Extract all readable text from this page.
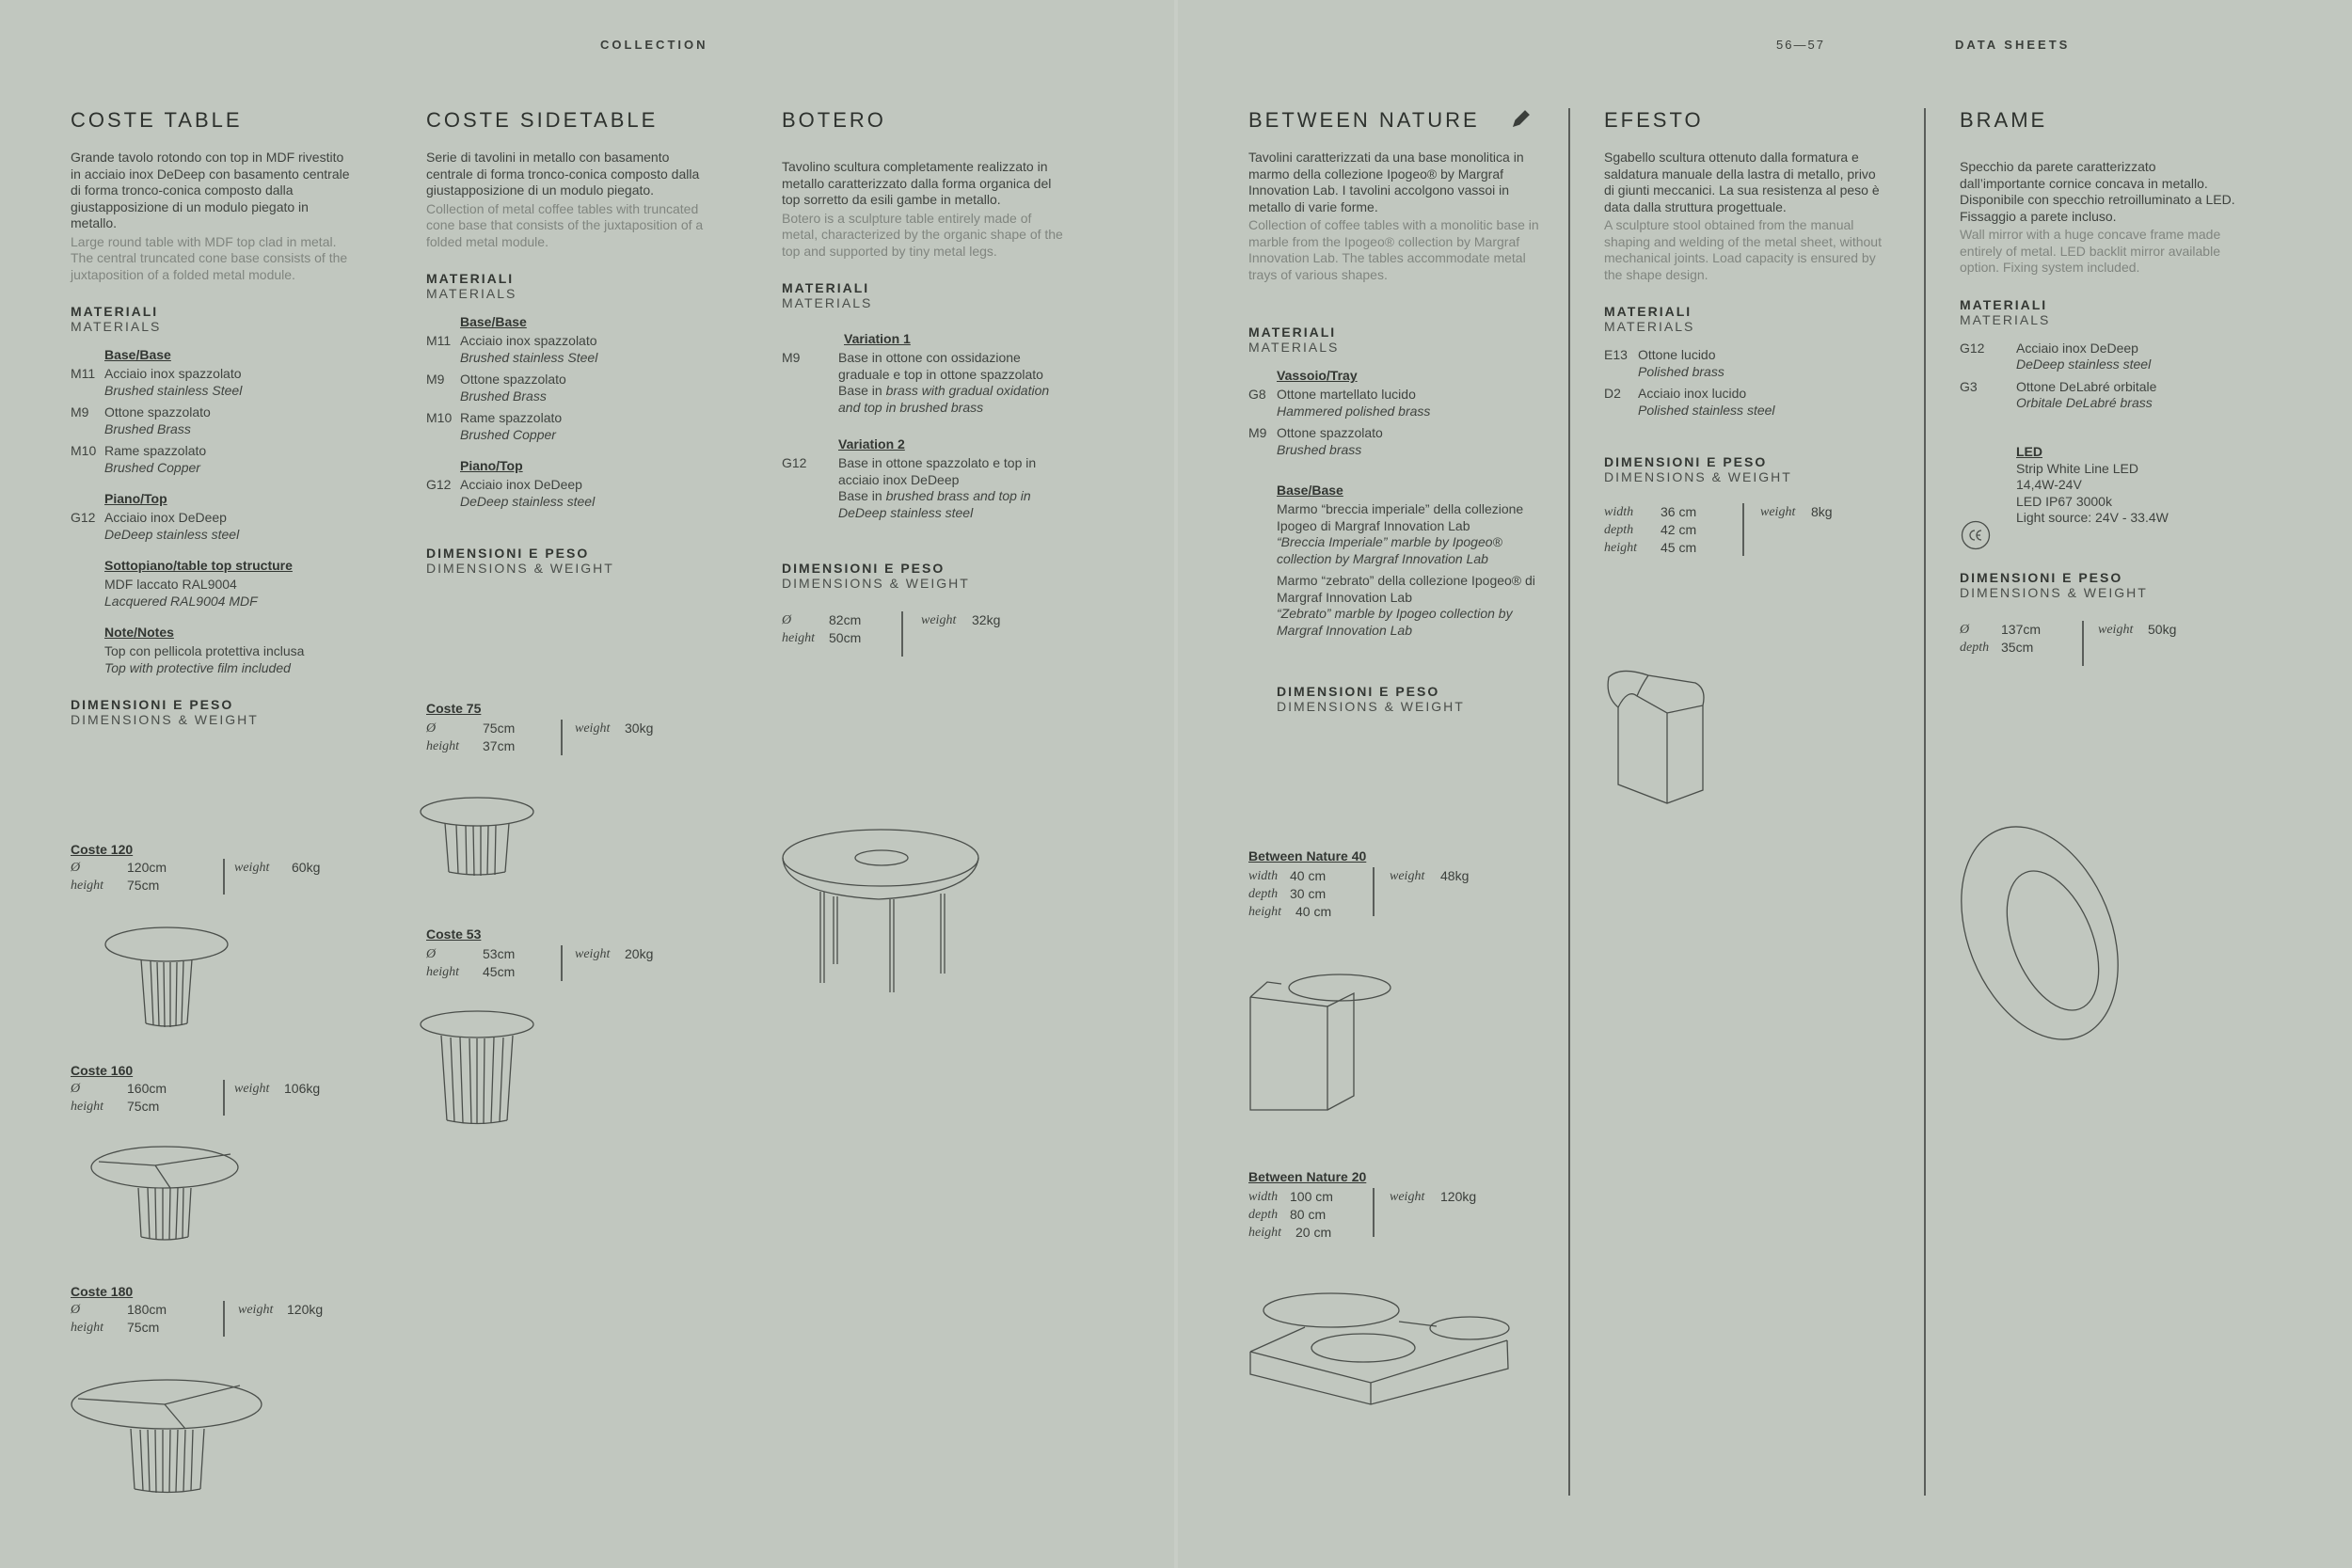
COLLECTION
COSTE TABLE

Grande tavolo rotondo con top in MDF rivestito in acciaio inox DeDeep con basamento centrale di forma tronco-conica composto dalla giustapposizione di un modulo piegato in metallo.

Large round table with MDF top clad in metal. The central truncated cone base consists of the juxtaposition of a folded metal module.

MATERIALI
MATERIALS
Base/Base
M11 Acciaio inox spazzolato
Brushed stainless Steel
M9 Ottone spazzolato
Brushed Brass
M10 Rame spazzolato
Brushed Copper
Piano/Top
G12 Acciaio inox DeDeep
DeDeep stainless steel
Sottopiano/table top structure
MDF laccato RAL9004
Lacquered RAL9004 MDF
Note/Notes
Top con pellicola protettiva inclusa
Top with protective film included
DIMENSIONI E PESO
DIMENSIONS & WEIGHT
Coste 120
Ø	120cm
height 75cm
weight 60kg
Coste 160
Ø	160cm
height 75cm
weight 106kg
Coste 180
Ø	180cm
height 75cm
weight 120kg
COSTE SIDETABLE

Serie di tavolini in metallo con basamento centrale di forma tronco-conica composto dalla giustapposizione di un modulo piegato.

Collection of metal coffee tables with truncated cone base that consists of the juxtaposition of a folded metal module.

MATERIALI
MATERIALS
Base/Base
M11 Acciaio inox spazzolato
Brushed stainless Steel
M9 Ottone spazzolato
Brushed Brass
M10 Rame spazzolato
Brushed Copper
Piano/Top
G12 Acciaio inox DeDeep
DeDeep stainless steel
DIMENSIONI E PESO
DIMENSIONS & WEIGHT
Coste 75
Ø	75cm
height 37cm
weight 30kg
Coste 53
Ø	53cm
height 45cm
weight 20kg
BOTERO

Tavolino scultura completamente realizzato in metallo caratterizzato dalla forma organica del top sorretto da esili gambe in metallo.

Botero is a sculpture table entirely made of metal, characterized by the organic shape of the top and supported by tiny metal legs.

MATERIALI
MATERIALS
Variation 1
M9	Base in ottone con ossidazione graduale e top in ottone spazzolato
Base in brass with gradual oxidation and top in brushed brass
Variation 2
G12 Base in ottone spazzolato e top in acciaio inox DeDeep
Base in brushed brass and top in DeDeep stainless steel
DIMENSIONI E PESO
DIMENSIONS & WEIGHT
Ø	82cm
height 50cm
weight 32kg
56—57	DATA SHEETS
BETWEEN NATURE

Tavolini caratterizzati da una base monolitica in marmo della collezione Ipogeo® by Margraf Innovation Lab. I tavolini accolgono vassoi in metallo di varie forme.

Collection of coffee tables with a monolitic base in marble from the Ipogeo® collection by Margraf Innovation Lab. The tables accommodate metal trays of various shapes.

MATERIALI
MATERIALS
Vassoio/Tray
G8 Ottone martellato lucido
Hammered polished brass
M9 Ottone spazzolato
Brushed brass
Base/Base
Marmo “breccia imperiale” della collezione Ipogeo di Margraf Innovation Lab
“Breccia Imperiale” marble by Ipogeo® collection by Margraf Innovation Lab
Marmo “zebrato” della collezione Ipogeo® di Margraf Innovation Lab
“Zebrato” marble by Ipogeo collection by Margraf Innovation Lab
DIMENSIONI E PESO
DIMENSIONS & WEIGHT
Between Nature 40
width 40 cm
depth 30 cm
height 40 cm
weight 48kg
Between Nature 20
width 100 cm
depth 80 cm
height 20 cm
weight 120kg
EFESTO

Sgabello scultura ottenuto dalla formatura e saldatura manuale della lastra di metallo, privo di giunti meccanici. La sua resistenza al peso è data dalla struttura progettuale.

A sculpture stool obtained from the manual shaping and welding of the metal sheet, without mechanical joints. Load capacity is ensured by the shape design.

MATERIALI
MATERIALS
E13 Ottone lucido
Polished brass
D2 Acciaio inox lucido
Polished stainless steel
DIMENSIONI E PESO
DIMENSIONS & WEIGHT
width 36 cm
depth 42 cm
height 45 cm
weight 8kg
BRAME

Specchio da parete caratterizzato dall’importante cornice concava in metallo. Disponibile con specchio retroilluminato a LED. Fissaggio a parete incluso.

Wall mirror with a huge concave frame made entirely of metal. LED backlit mirror available option. Fixing system included.

MATERIALI
MATERIALS
G12 Acciaio inox DeDeep
DeDeep stainless steel
G3	Ottone DeLabré orbitale
Orbitale DeLabré brass
LED
Strip White Line LED
14,4W-24V
LED IP67 3000k
Light source: 24V - 33.4W
DIMENSIONI E PESO
DIMENSIONS & WEIGHT
Ø 137cm
depth 35cm
weight 50kg
